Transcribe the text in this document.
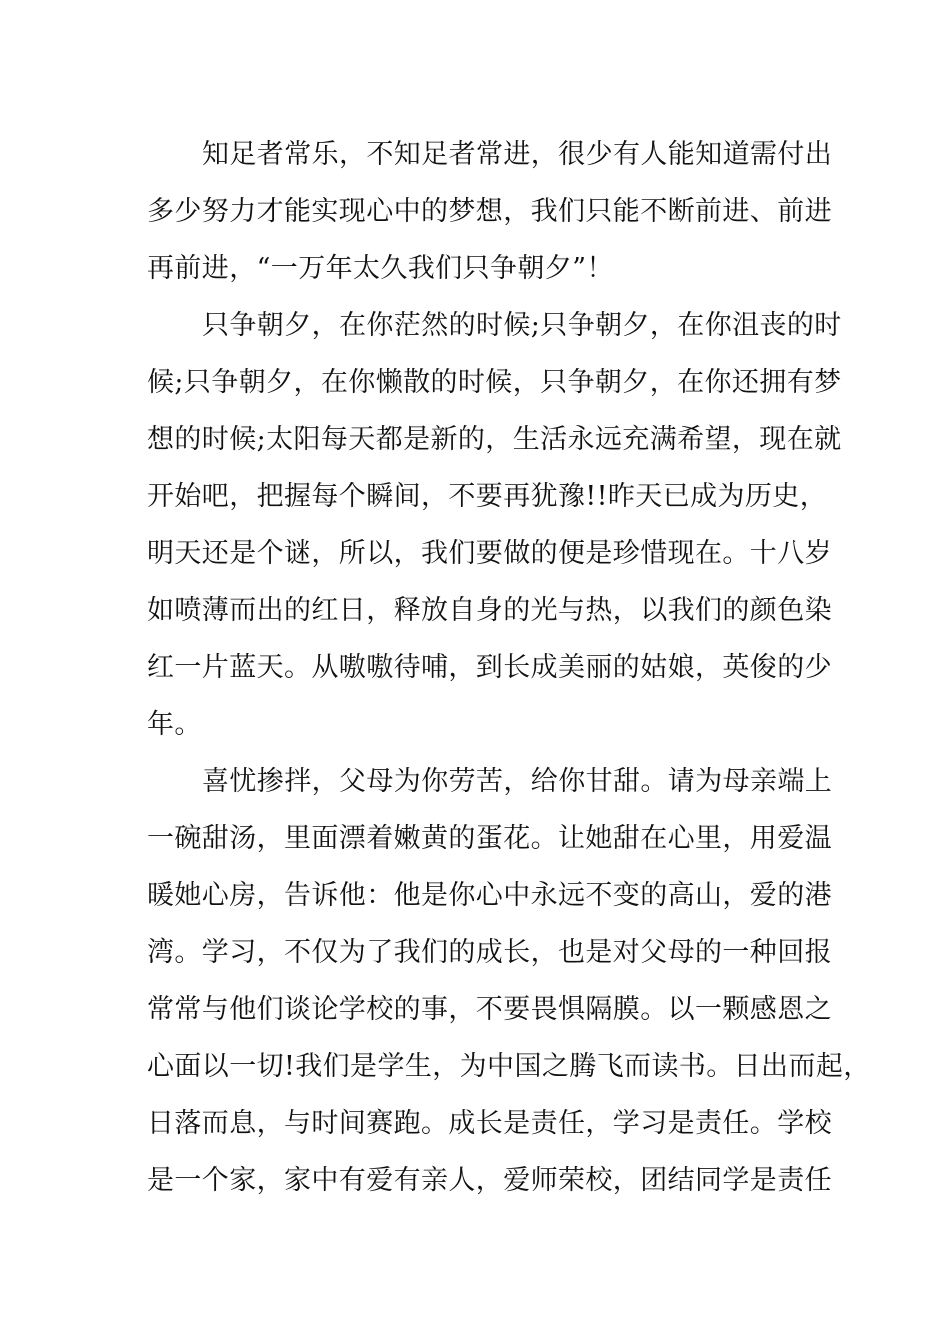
知足者常乐，不知足者常进，很少有人能知道需付出
多少努力才能实现心中的梦想，我们只能不断前进、前进
再前进，“一万年太久我们只争朝夕”！
只争朝夕，在你茫然的时候;只争朝夕，在你沮丧的时
候;只争朝夕，在你懒散的时候，只争朝夕，在你还拥有梦
想的时候;太阳每天都是新的，生活永远充满希望，现在就
开始吧，把握每个瞬间，不要再犹豫!!昨天已成为历史，
明天还是个谜，所以，我们要做的便是珍惜现在。十八岁
如喷薄而出的红日，释放自身的光与热，以我们的颜色染
红一片蓝天。从嗷嗷待哺，到长成美丽的姑娘，英俊的少
年。
喜忧掺拌，父母为你劳苦，给你甘甜。请为母亲端上
一碗甜汤，里面漂着嫩黄的蛋花。让她甜在心里，用爱温
暖她心房，告诉他：他是你心中永远不变的高山，爱的港
湾。学习，不仅为了我们的成长，也是对父母的一种回报
常常与他们谈论学校的事，不要畏惧隔膜。以一颗感恩之
心面以一切!我们是学生，为中国之腾飞而读书。日出而起，
日落而息，与时间赛跑。成长是责任，学习是责任。学校
是一个家，家中有爱有亲人，爱师荣校，团结同学是责任
